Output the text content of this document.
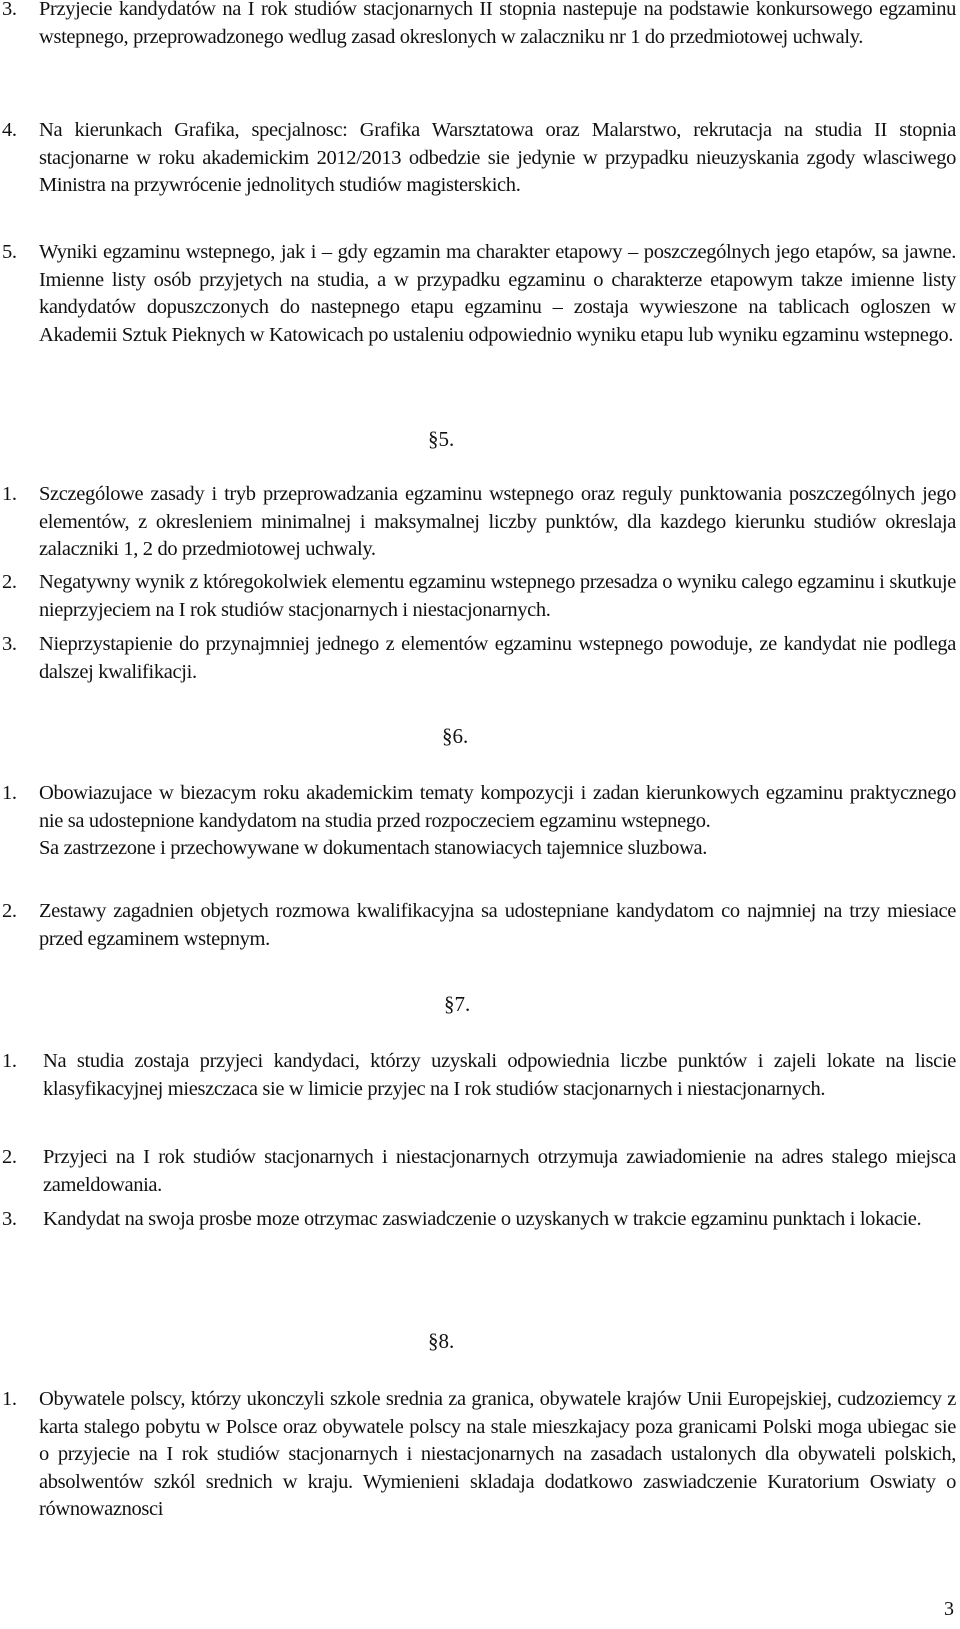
3. Przyjecie kandydatów na I rok studiów stacjonarnych II stopnia nastepuje na podstawie konkursowego egzaminu wstepnego, przeprowadzonego wedlug zasad okreslonych w zalaczniku nr 1 do przedmiotowej uchwaly.
4. Na kierunkach Grafika, specjalnosc: Grafika Warsztatowa oraz Malarstwo, rekrutacja na studia II stopnia stacjonarne w roku akademickim 2012/2013 odbedzie sie jedynie w przypadku nieuzyskania zgody wlasciwego Ministra na przywrócenie jednolitych studiów magisterskich.
5. Wyniki egzaminu wstepnego, jak i – gdy egzamin ma charakter etapowy – poszczególnych jego etapów, sa jawne. Imienne listy osób przyjetych na studia, a w przypadku egzaminu o charakterze etapowym takze imienne listy kandydatów dopuszczonych do nastepnego etapu egzaminu – zostaja wywieszone na tablicach ogloszen w Akademii Sztuk Pieknych w Katowicach po ustaleniu odpowiednio wyniku etapu lub wyniku egzaminu wstepnego.
§5.
1. Szczególowe zasady i tryb przeprowadzania egzaminu wstepnego oraz reguly punktowania poszczególnych jego elementów, z okresleniem minimalnej i maksymalnej liczby punktów, dla kazdego kierunku studiów okreslaja zalaczniki 1, 2 do przedmiotowej uchwaly.
2. Negatywny wynik z któregokolwiek elementu egzaminu wstepnego przesadza o wyniku calego egzaminu i skutkuje nieprzyjeciem na I rok studiów stacjonarnych i niestacjonarnych.
3. Nieprzystapienie do przynajmniej jednego z elementów egzaminu wstepnego powoduje, ze kandydat nie podlega dalszej kwalifikacji.
§6.
1. Obowiazujace w biezacym roku akademickim tematy kompozycji i zadan kierunkowych egzaminu praktycznego nie sa udostepnione kandydatom na studia przed rozpoczeciem egzaminu wstepnego.
Sa zastrzezone i przechowywane w dokumentach stanowiacych tajemnice sluzbowa.
2. Zestawy zagadnien objetych rozmowa kwalifikacyjna sa udostepniane kandydatom co najmniej na trzy miesiace przed egzaminem wstepnym.
§7.
1. Na studia zostaja przyjeci kandydaci, którzy uzyskali odpowiednia liczbe punktów i zajeli lokate na liscie klasyfikacyjnej mieszczaca sie w limicie przyjec na I rok studiów stacjonarnych i niestacjonarnych.
2. Przyjeci na I rok studiów stacjonarnych i niestacjonarnych otrzymuja zawiadomienie na adres stalego miejsca zameldowania.
3. Kandydat na swoja prosbe moze otrzymac zaswiadczenie o uzyskanych w trakcie egzaminu punktach i lokacie.
§8.
1. Obywatele polscy, którzy ukonczyli szkole srednia za granica, obywatele krajów Unii Europejskiej, cudzoziemcy z karta stalego pobytu w Polsce oraz obywatele polscy na stale mieszkajacy poza granicami Polski moga ubiegac sie o przyjecie na I rok studiów stacjonarnych i niestacjonarnych na zasadach ustalonych dla obywateli polskich, absolwentów szkól srednich w kraju. Wymienieni skladaja dodatkowo zaswiadczenie Kuratorium Oswiaty o równowaznosci
3
